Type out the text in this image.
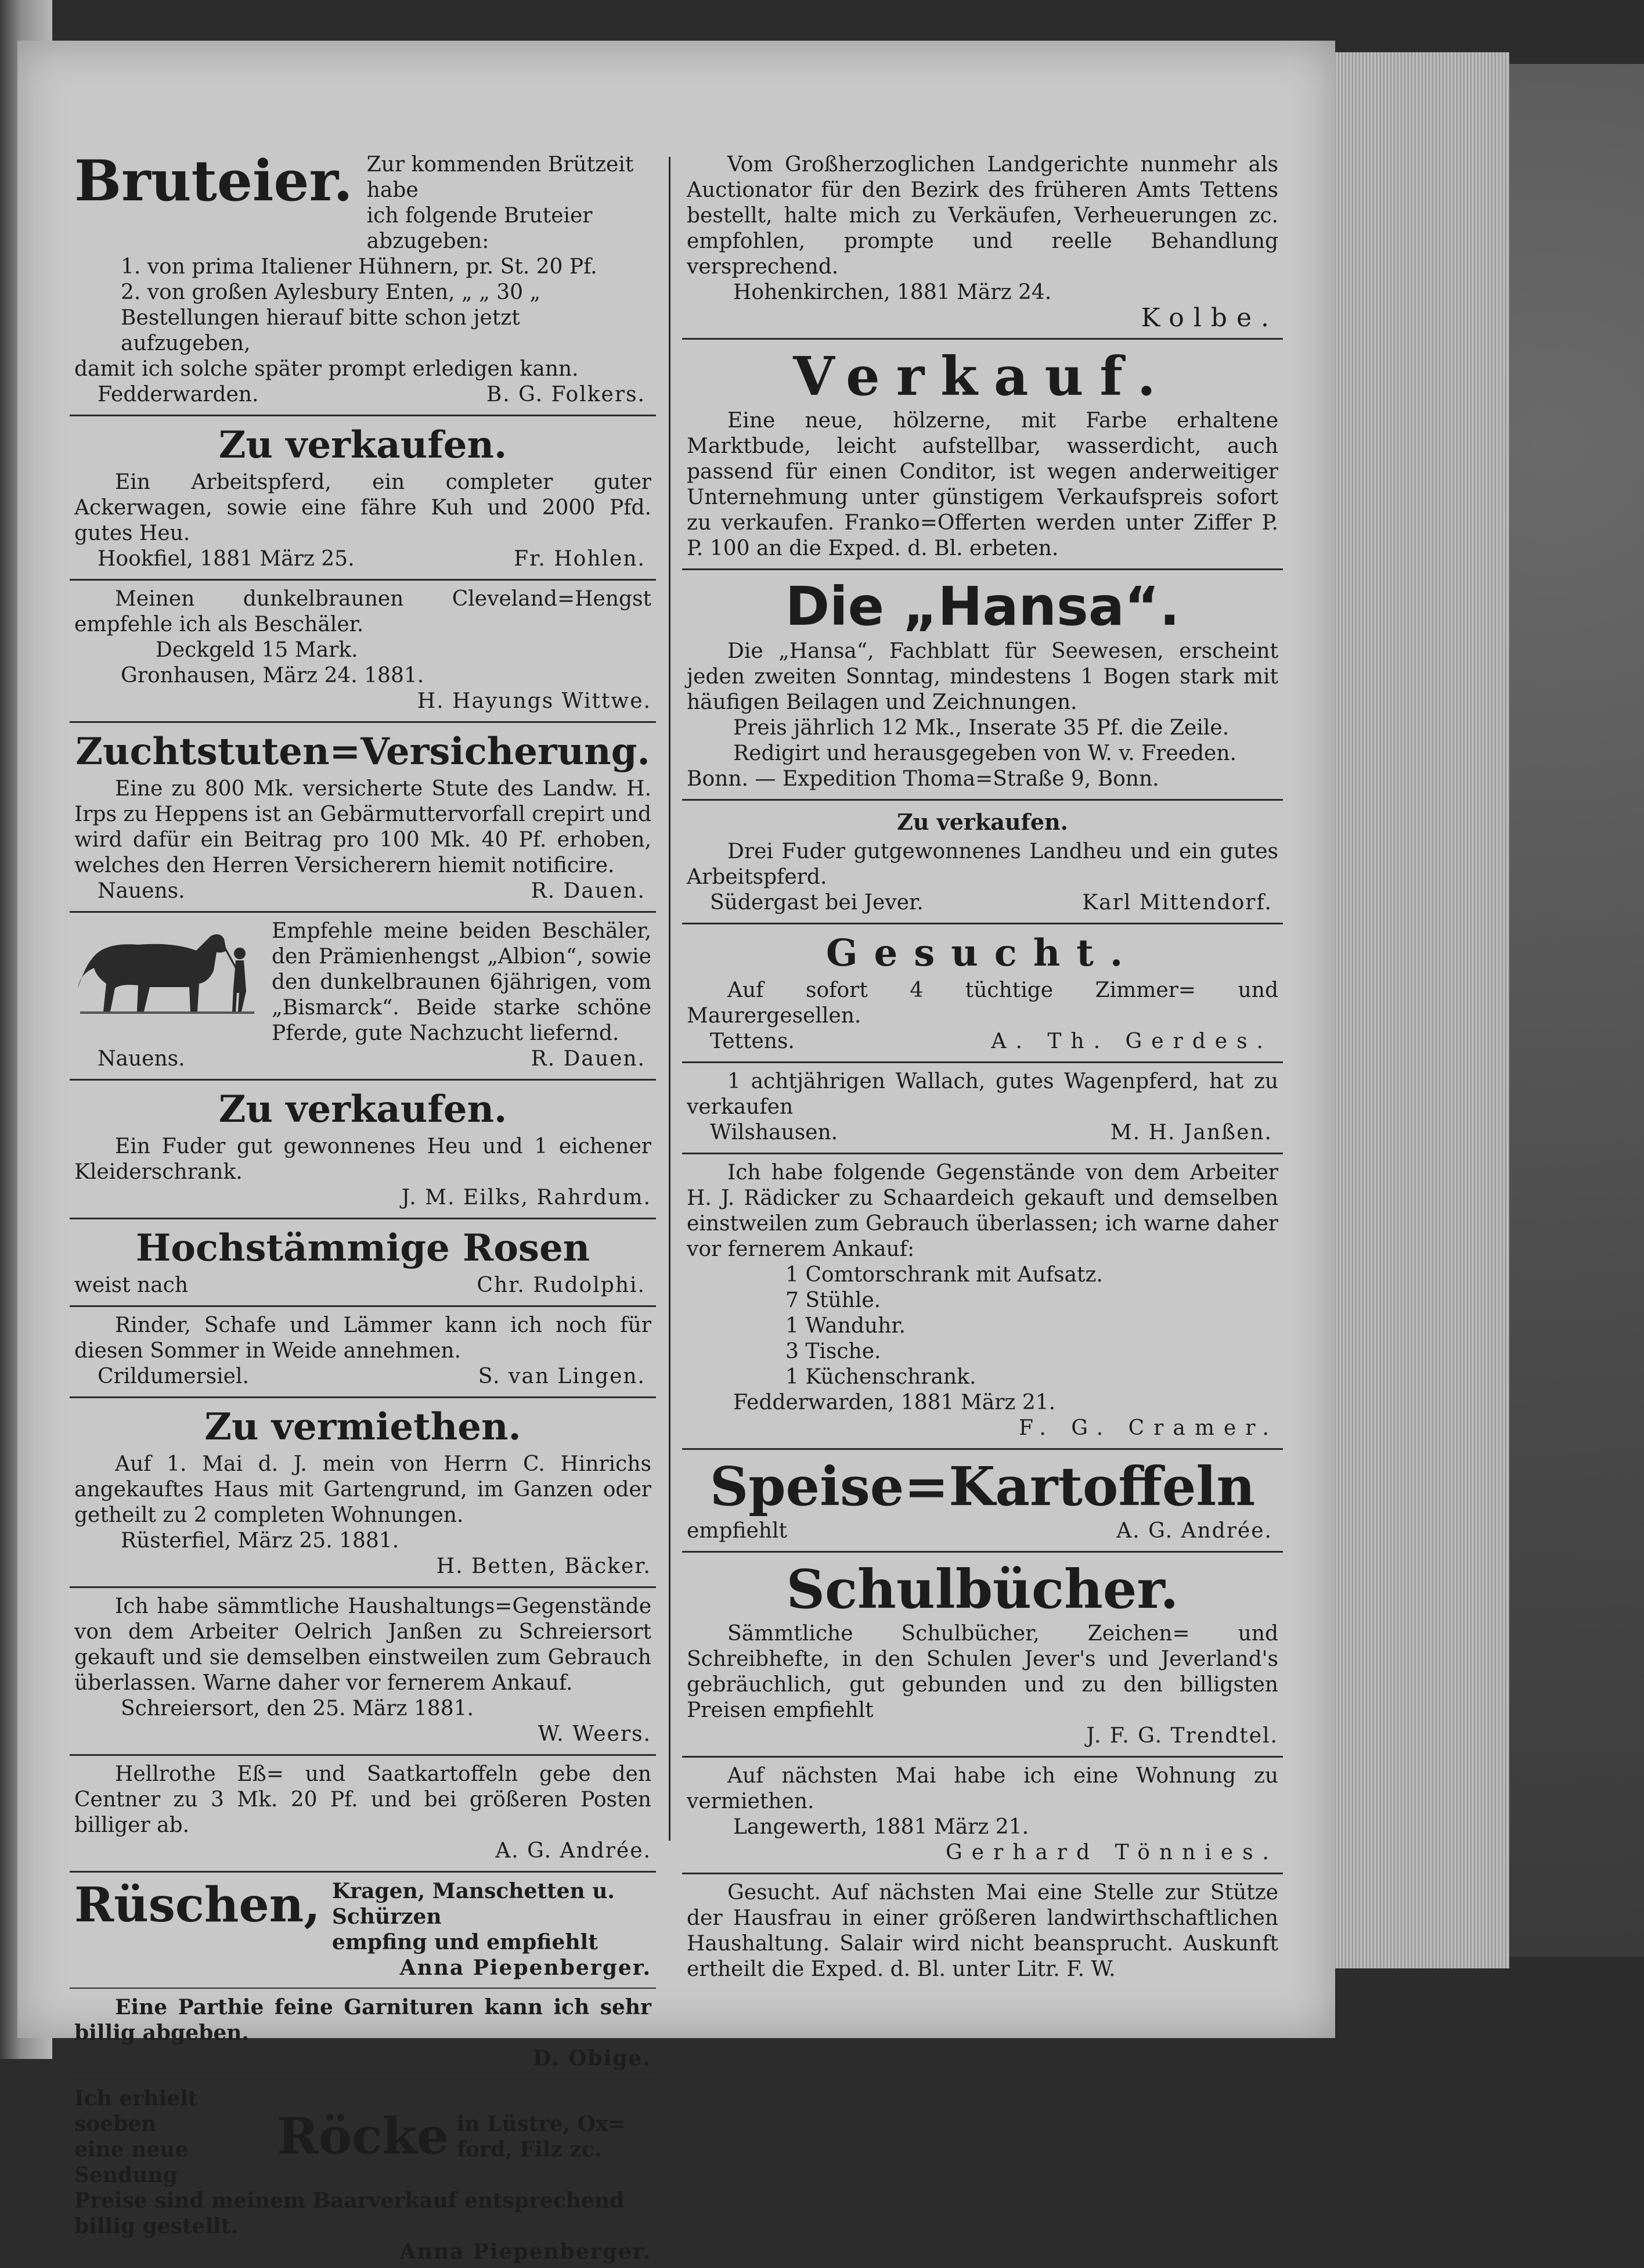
Bruteier. Zur kommenden Brützeit habe

ich folgende Bruteier abzugeben:

1. von prima Italiener Hühnern, pr. St. 20 Pf.

2. von großen Aylesbury Enten, „ „ 30 „

Bestellungen hierauf bitte schon jetzt aufzugeben,

damit ich solche später prompt erledigen kann.

Fedderwarden.	B. G. Folkers.
Zu verkaufen.

Ein Arbeitspferd, ein completer guter Ackerwagen, sowie eine fähre Kuh und 2000 Pfd. gutes Heu.

Hookfiel, 1881 März 25.	Fr. Hohlen.

Meinen dunkelbraunen Cleveland=Hengst empfehle ich als Beschäler.

Deckgeld 15 Mark.

Gronhausen, März 24. 1881.

H. Hayungs Wittwe.

Zuchtstuten=Versicherung.

Eine zu 800 Mk. versicherte Stute des Landw. H. Irps zu Heppens ist an Gebärmuttervorfall crepirt und wird dafür ein Beitrag pro 100 Mk. 40 Pf. erhoben, welches den Herren Versicherern hiemit notificire.

Nauens.	R. Dauen.

Empfehle meine beiden Beschäler, den Prämienhengst „Albion“, sowie den dunkelbraunen 6jährigen, vom „Bismarck“. Beide starke schöne Pferde, gute Nachzucht liefernd.

Nauens.	R. Dauen.
Zu verkaufen.

Ein Fuder gut gewonnenes Heu und 1 eichener Kleiderschrank.

J. M. Eilks, Rahrdum.

Hochstämmige Rosen
weist nach	Chr. Rudolphi.

Rinder, Schafe und Lämmer kann ich noch für diesen Sommer in Weide annehmen.

Crildumersiel.	S. van Lingen.
Zu vermiethen.

Auf 1. Mai d. J. mein von Herrn C. Hinrichs angekauftes Haus mit Gartengrund, im Ganzen oder getheilt zu 2 completen Wohnungen.

Rüsterfiel, März 25. 1881.

H. Betten, Bäcker.

Ich habe sämmtliche Haushaltungs=Gegenstände von dem Arbeiter Oelrich Janßen zu Schreiersort gekauft und sie demselben einstweilen zum Gebrauch überlassen. Warne daher vor fernerem Ankauf.

Schreiersort, den 25. März 1881.

W. Weers.

Hellrothe Eß= und Saatkartoffeln gebe den Centner zu 3 Mk. 20 Pf. und bei größeren Posten billiger ab.

A. G. Andrée.

Rüschen, Kragen, Manschetten u. Schürzen

empfing und empfiehlt

Anna Piepenberger.

Eine Parthie feine Garnituren kann ich sehr billig abgeben.

D. Obige.

Ich erhielt soeben

eine neue Sendung

Röcke in Lüstre, Ox=

ford, Filz zc.

Preise sind meinem Baarverkauf entsprechend billig gestellt.

Anna Piepenberger.

Vom Großherzoglichen Landgerichte nunmehr als Auctionator für den Bezirk des früheren Amts Tettens bestellt, halte mich zu Verkäufen, Verheuerungen zc. empfohlen, prompte und reelle Behandlung versprechend.

Hohenkirchen, 1881 März 24.

Kolbe.

Verkauf.

Eine neue, hölzerne, mit Farbe erhaltene Marktbude, leicht aufstellbar, wasserdicht, auch passend für einen Conditor, ist wegen anderweitiger Unternehmung unter günstigem Verkaufspreis sofort zu verkaufen. Franko=Offerten werden unter Ziffer P. P. 100 an die Exped. d. Bl. erbeten.

Die „Hansa“.

Die „Hansa“, Fachblatt für Seewesen, erscheint jeden zweiten Sonntag, mindestens 1 Bogen stark mit häufigen Beilagen und Zeichnungen.

Preis jährlich 12 Mk., Inserate 35 Pf. die Zeile.

Redigirt und herausgegeben von W. v. Freeden.

Bonn. — Expedition Thoma=Straße 9, Bonn.

Zu verkaufen.

Drei Fuder gutgewonnenes Landheu und ein gutes Arbeitspferd.

Südergast bei Jever.	Karl Mittendorf.
Gesucht.

Auf sofort 4 tüchtige Zimmer= und Maurergesellen.

Tettens.	A. Th. Gerdes.

1 achtjährigen Wallach, gutes Wagenpferd, hat zu verkaufen

Wilshausen.	M. H. Janßen.

Ich habe folgende Gegenstände von dem Arbeiter H. J. Rädicker zu Schaardeich gekauft und demselben einstweilen zum Gebrauch überlassen; ich warne daher vor fernerem Ankauf:

1 Comtorschrank mit Aufsatz.

7 Stühle.

1 Wanduhr.

3 Tische.

1 Küchenschrank.

Fedderwarden, 1881 März 21.

F. G. Cramer.

Speise=Kartoffeln
empfiehlt	A. G. Andrée.
Schulbücher.

Sämmtliche Schulbücher, Zeichen= und Schreibhefte, in den Schulen Jever's und Jeverland's gebräuchlich, gut gebunden und zu den billigsten Preisen empfiehlt

J. F. G. Trendtel.

Auf nächsten Mai habe ich eine Wohnung zu vermiethen.

Langewerth, 1881 März 21.

Gerhard Tönnies.

Gesucht. Auf nächsten Mai eine Stelle zur Stütze der Hausfrau in einer größeren landwirthschaftlichen Haushaltung. Salair wird nicht beansprucht. Auskunft ertheilt die Exped. d. Bl. unter Litr. F. W.
